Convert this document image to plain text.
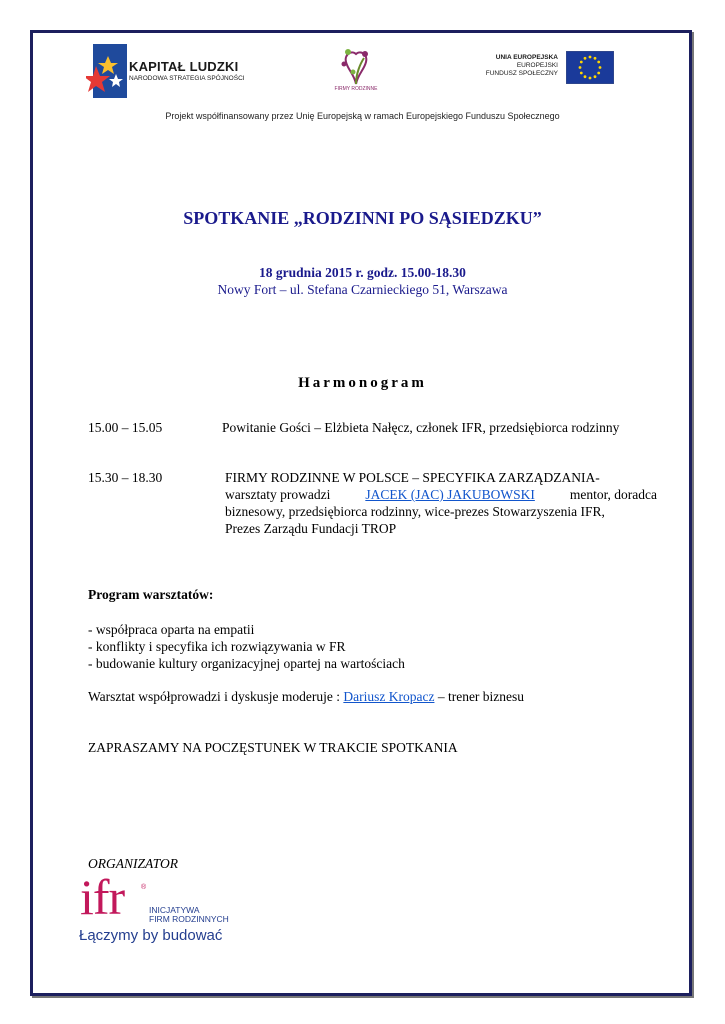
KAPITAŁ LUDZKI
NARODOWA STRATEGIA SPÓJNOŚCI
FIRMY RODZINNE
UNIA EUROPEJSKA
EUROPEJSKI
FUNDUSZ SPOŁECZNY
Projekt współfinansowany przez Unię Europejską w ramach Europejskiego Funduszu Społecznego
SPOTKANIE „RODZINNI PO SĄSIEDZKU”
18 grudnia 2015 r. godz. 15.00-18.30
Nowy Fort – ul. Stefana Czarnieckiego 51, Warszawa
Harmonogram
15.00 – 15.05	Powitanie Gości – Elżbieta Nałęcz, członek IFR, przedsiębiorca rodzinny
15.30 – 18.30	FIRMY RODZINNE W POLSCE – SPECYFIKA ZARZĄDZANIA-
warsztaty prowadzi	JACEK (JAC) JAKUBOWSKI	mentor, doradca
biznesowy, przedsiębiorca rodzinny, wice-prezes Stowarzyszenia IFR,
Prezes Zarządu Fundacji TROP
Program warsztatów:
- współpraca oparta na empatii
- konflikty i specyfika ich rozwiązywania w FR
- budowanie kultury organizacyjnej opartej na wartościach
Warsztat współprowadzi i dyskusje moderuje : Dariusz Kropacz – trener biznesu
ZAPRASZAMY NA POCZĘSTUNEK W TRAKCIE SPOTKANIA
ORGANIZATOR
ifr ®
INICJATYWA
FIRM RODZINNYCH
Łączymy by budować
